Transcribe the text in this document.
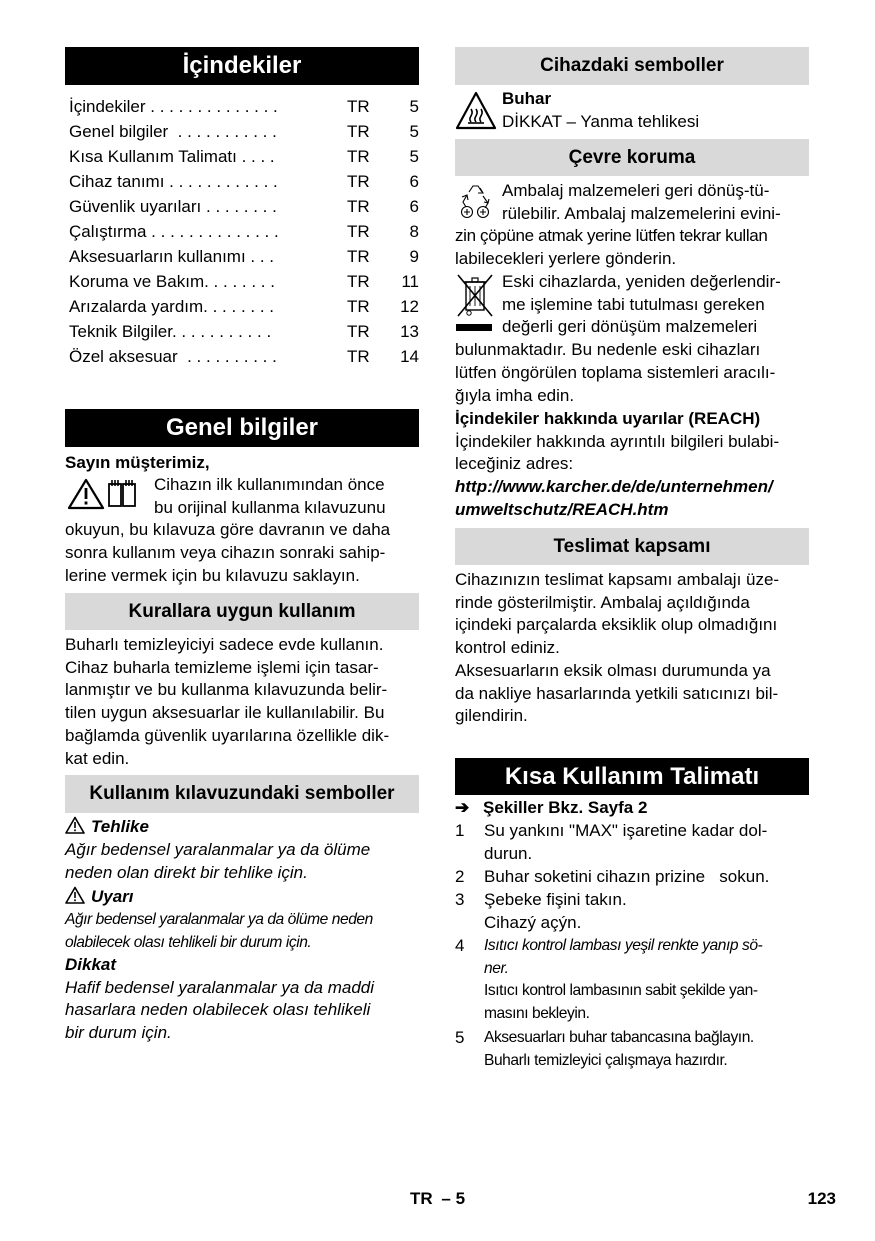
İçindekiler
İçindekiler . . . . . . . . . . . . . .	TR 5
Genel bilgiler  . . . . . . . . . . .	TR 5
Kısa Kullanım Talimatı . . . .	TR 5
Cihaz tanımı . . . . . . . . . . . .	TR 6
Güvenlik uyarıları . . . . . . . .	TR 6
Çalıştırma . . . . . . . . . . . . . .	TR 8
Aksesuarların kullanımı . . .	TR 9
Koruma ve Bakım. . . . . . . .	TR 11
Arızalarda yardım. . . . . . . .	TR 12
Teknik Bilgiler. . . . . . . . . . .	TR 13
Özel aksesuar  . . . . . . . . . .	TR 14
Genel bilgiler
Sayın müşterimiz,
Cihazın ilk kullanımından önce
bu orijinal kullanma kılavuzunu
okuyun, bu kılavuza göre davranın ve daha
sonra kullanım veya cihazın sonraki sahip-
lerine vermek için bu kılavuzu saklayın.
Kurallara uygun kullanım
Buharlı temizleyiciyi sadece evde kullanın.
Cihaz buharla temizleme işlemi için tasar-
lanmıştır ve bu kullanma kılavuzunda belir-
tilen uygun aksesuarlar ile kullanılabilir. Bu
bağlamda güvenlik uyarılarına özellikle dik-
kat edin.
Kullanım kılavuzundaki semboller
Tehlike
Ağır bedensel yaralanmalar ya da ölüme
neden olan direkt bir tehlike için.
Uyarı
Ağır bedensel yaralanmalar ya da ölüme neden
olabilecek olası tehlikeli bir durum için.
Dikkat
Hafif bedensel yaralanmalar ya da maddi
hasarlara neden olabilecek olası tehlikeli
bir durum için.
Cihazdaki semboller
Buhar
DİKKAT – Yanma tehlikesi
Çevre koruma
Ambalaj malzemeleri geri dönüş-tü-
rülebilir. Ambalaj malzemelerini evini-
zin çöpüne atmak yerine lütfen tekrar kullan
labilecekleri yerlere gönderin.
Eski cihazlarda, yeniden değerlendir-
me işlemine tabi tutulması gereken
değerli geri dönüşüm malzemeleri
bulunmaktadır. Bu nedenle eski cihazları
lütfen öngörülen toplama sistemleri aracılı-
ğıyla imha edin.
İçindekiler hakkında uyarılar (REACH)
İçindekiler hakkında ayrıntılı bilgileri bulabi-
leceğiniz adres:
http://www.karcher.de/de/unternehmen/
umweltschutz/REACH.htm
Teslimat kapsamı
Cihazınızın teslimat kapsamı ambalajı üze-
rinde gösterilmiştir. Ambalaj açıldığında
içindeki parçalarda eksiklik olup olmadığını
kontrol ediniz.
Aksesuarların eksik olması durumunda ya
da nakliye hasarlarında yetkili satıcınızı bil-
gilendirin.
Kısa Kullanım Talimatı
➔ Şekiller Bkz. Sayfa 2
1 Su yankını "MAX" işaretine kadar dol-
durun.
2 Buhar soketini cihazın prizine   sokun.
3 Şebeke fişini takın.
Cihazý açýn.
4 Isıtıcı kontrol lambası yeşil renkte yanıp sö-
ner.
Isıtıcı kontrol lambasının sabit şekilde yan-
masını bekleyin.
5 Aksesuarları buhar tabancasına bağlayın.
Buharlı temizleyici çalışmaya hazırdır.
TR – 5	123
